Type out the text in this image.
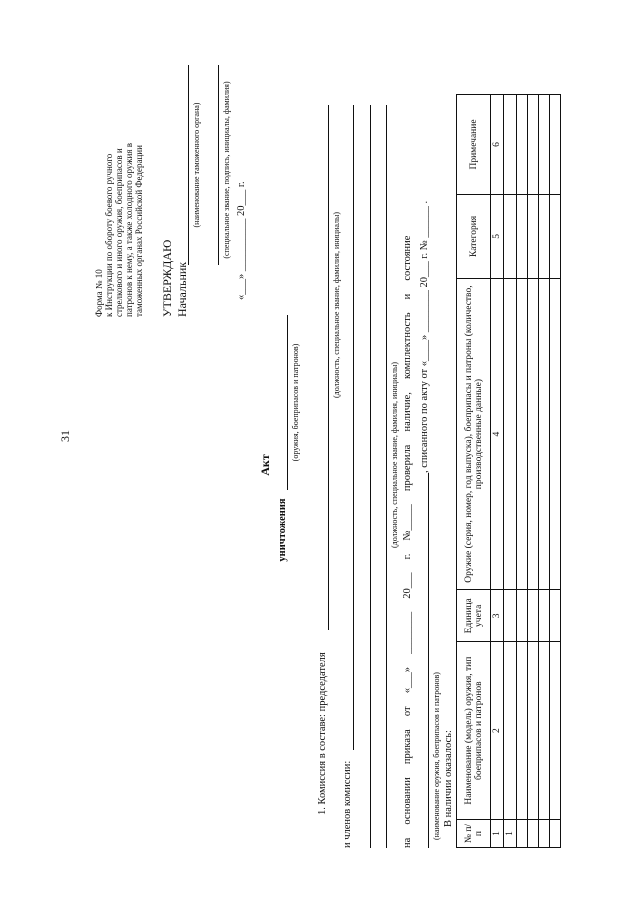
31
Форма № 10 к Инструкции по обороту боевого ручного стрелкового и иного оружия, боеприпасов и патронов к нему, а также холодного оружия в таможенных органах Российской Федерации УТВЕРЖДАЮ Начальник
(наименование таможенного органа)	(специальное звание, подпись, инициалы, фамилия) «___» __________ 20___ г.
Акт
уничтожения
(оружия, боеприпасов и патронов)
1. Комиссия в составе: председателя
(должность, специальное звание, фамилия, инициалы)
и членов комиссии:
(должность, специальное звание, фамилия, инициалы) на     основании     приказа     от     «___»     ________     20___     г.     №_____     проверила     наличие,     комплектность     и     состояние , списанного по акту от «____» ________ 20___ г. № ______ .
(наименование оружия, боеприпасов и патронов) В наличии оказалось:
№ п/п	Наименование (модель) оружия, тип боеприпасов и патронов	Единица учета	Оружие (серия, номер, год выпуска), боеприпасы и патроны (количество, производственные данные)	Категория	Примечание
1	2	3	4	5	6
1					
